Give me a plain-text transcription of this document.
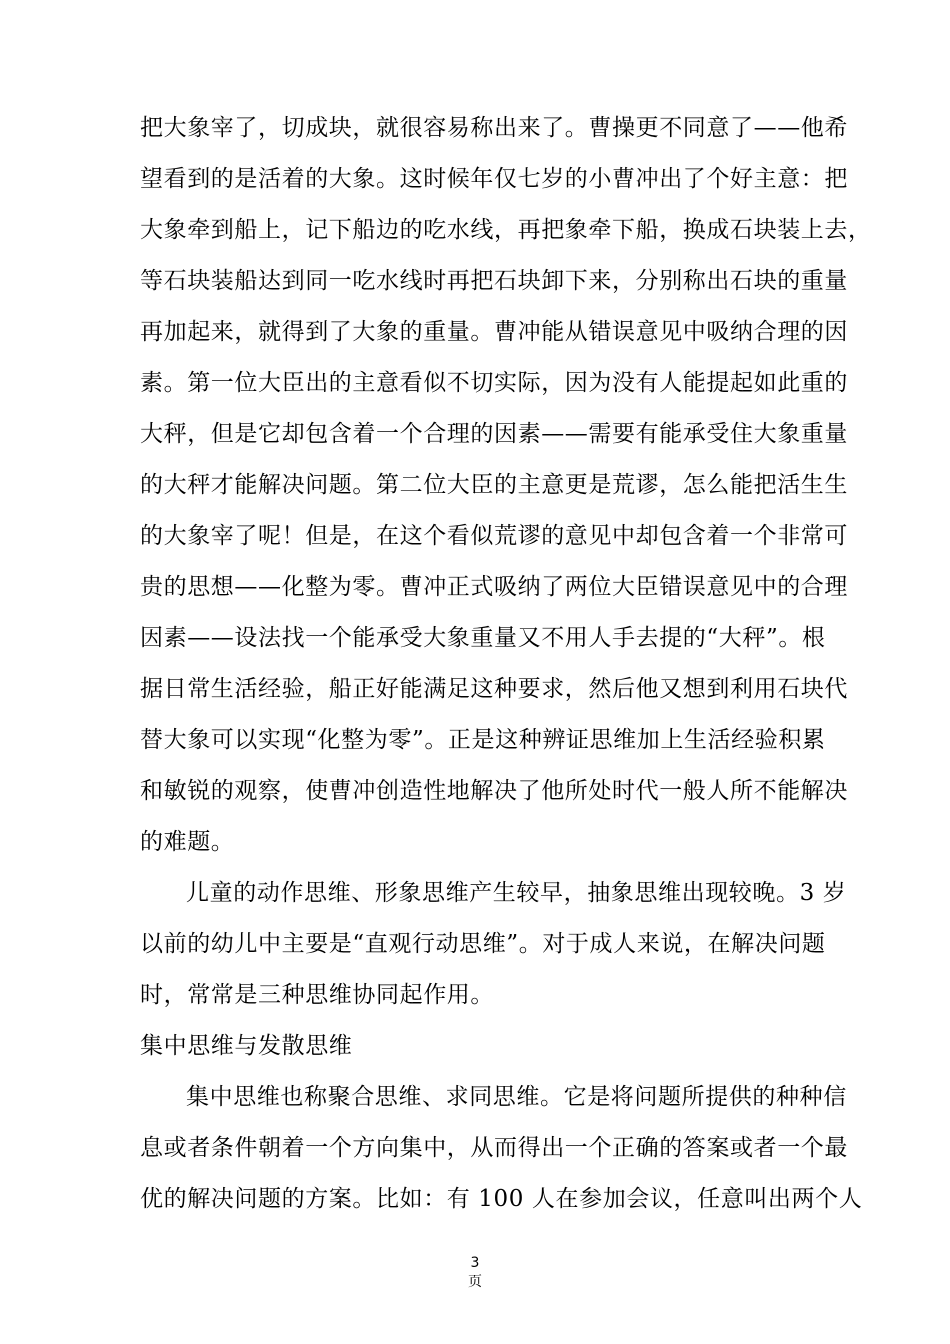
把大象宰了，切成块，就很容易称出来了。曹操更不同意了——他希
望看到的是活着的大象。这时候年仅七岁的小曹冲出了个好主意：把
大象牵到船上，记下船边的吃水线，再把象牵下船，换成石块装上去，
等石块装船达到同一吃水线时再把石块卸下来，分别称出石块的重量
再加起来，就得到了大象的重量。曹冲能从错误意见中吸纳合理的因
素。第一位大臣出的主意看似不切实际，因为没有人能提起如此重的
大秤，但是它却包含着一个合理的因素——需要有能承受住大象重量
的大秤才能解决问题。第二位大臣的主意更是荒谬，怎么能把活生生
的大象宰了呢！但是，在这个看似荒谬的意见中却包含着一个非常可
贵的思想——化整为零。曹冲正式吸纳了两位大臣错误意见中的合理
因素——设法找一个能承受大象重量又不用人手去提的“大秤”。根
据日常生活经验，船正好能满足这种要求，然后他又想到利用石块代
替大象可以实现“化整为零”。正是这种辨证思维加上生活经验积累
和敏锐的观察，使曹冲创造性地解决了他所处时代一般人所不能解决
的难题。
儿童的动作思维、形象思维产生较早，抽象思维出现较晚。3 岁
以前的幼儿中主要是“直观行动思维”。对于成人来说，在解决问题
时，常常是三种思维协同起作用。
集中思维与发散思维
集中思维也称聚合思维、求同思维。它是将问题所提供的种种信
息或者条件朝着一个方向集中，从而得出一个正确的答案或者一个最
优的解决问题的方案。比如：有 100 人在参加会议，任意叫出两个人
3
页
